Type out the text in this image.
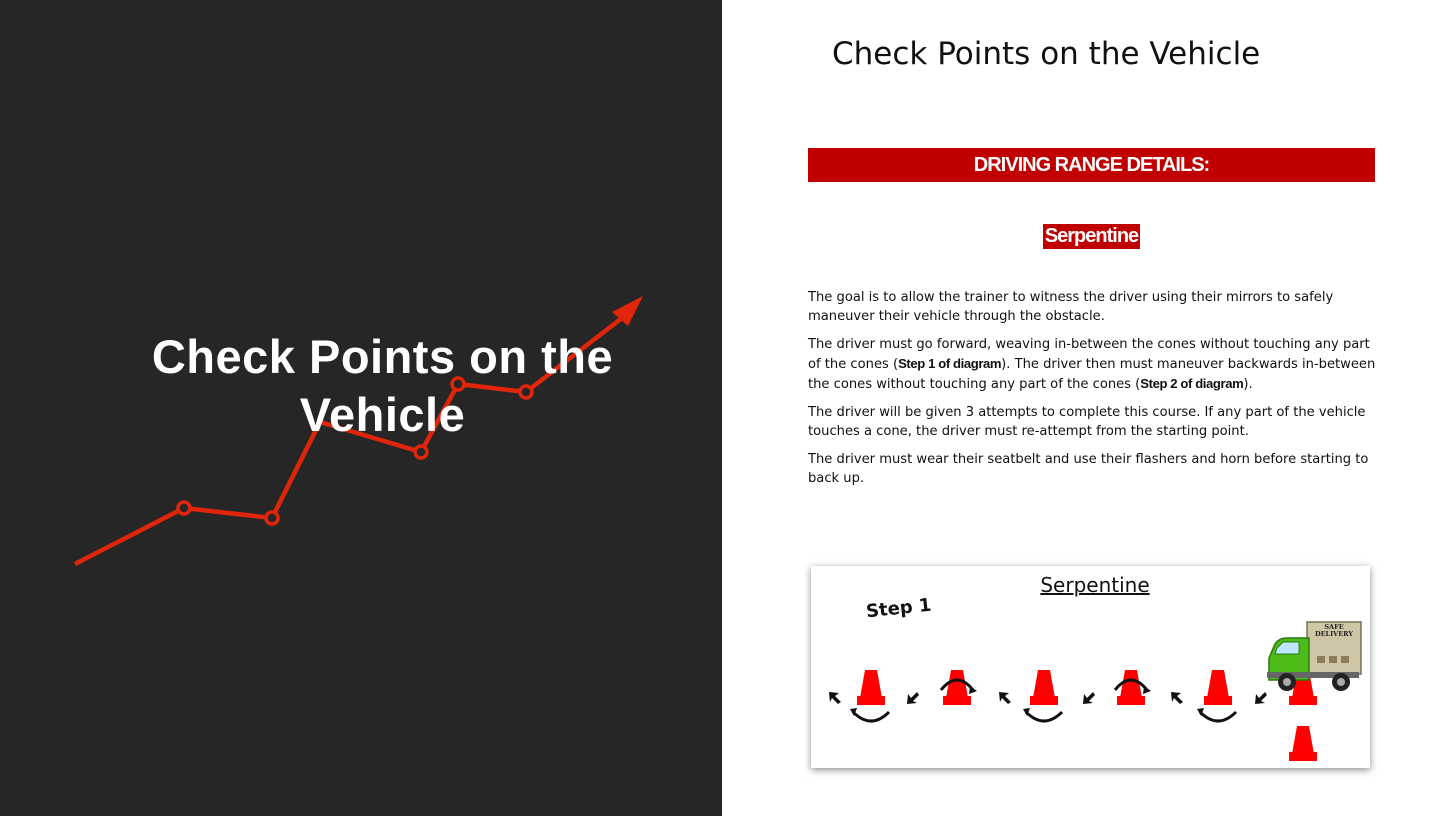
Check Points on the Vehicle
Check Points on the Vehicle
DRIVING RANGE DETAILS:
Serpentine

The goal is to allow the trainer to witness the driver using their mirrors to safely maneuver their vehicle through the obstacle.

The driver must go forward, weaving in-between the cones without touching any part of the cones (Step 1 of diagram). The driver then must maneuver backwards in-between the cones without touching any part of the cones (Step 2 of diagram).

The driver will be given 3 attempts to complete this course. If any part of the vehicle touches a cone, the driver must re-attempt from the starting point.

The driver must wear their seatbelt and use their flashers and horn before starting to back up.

Serpentine
Step 1
SAFE
DELIVERY
